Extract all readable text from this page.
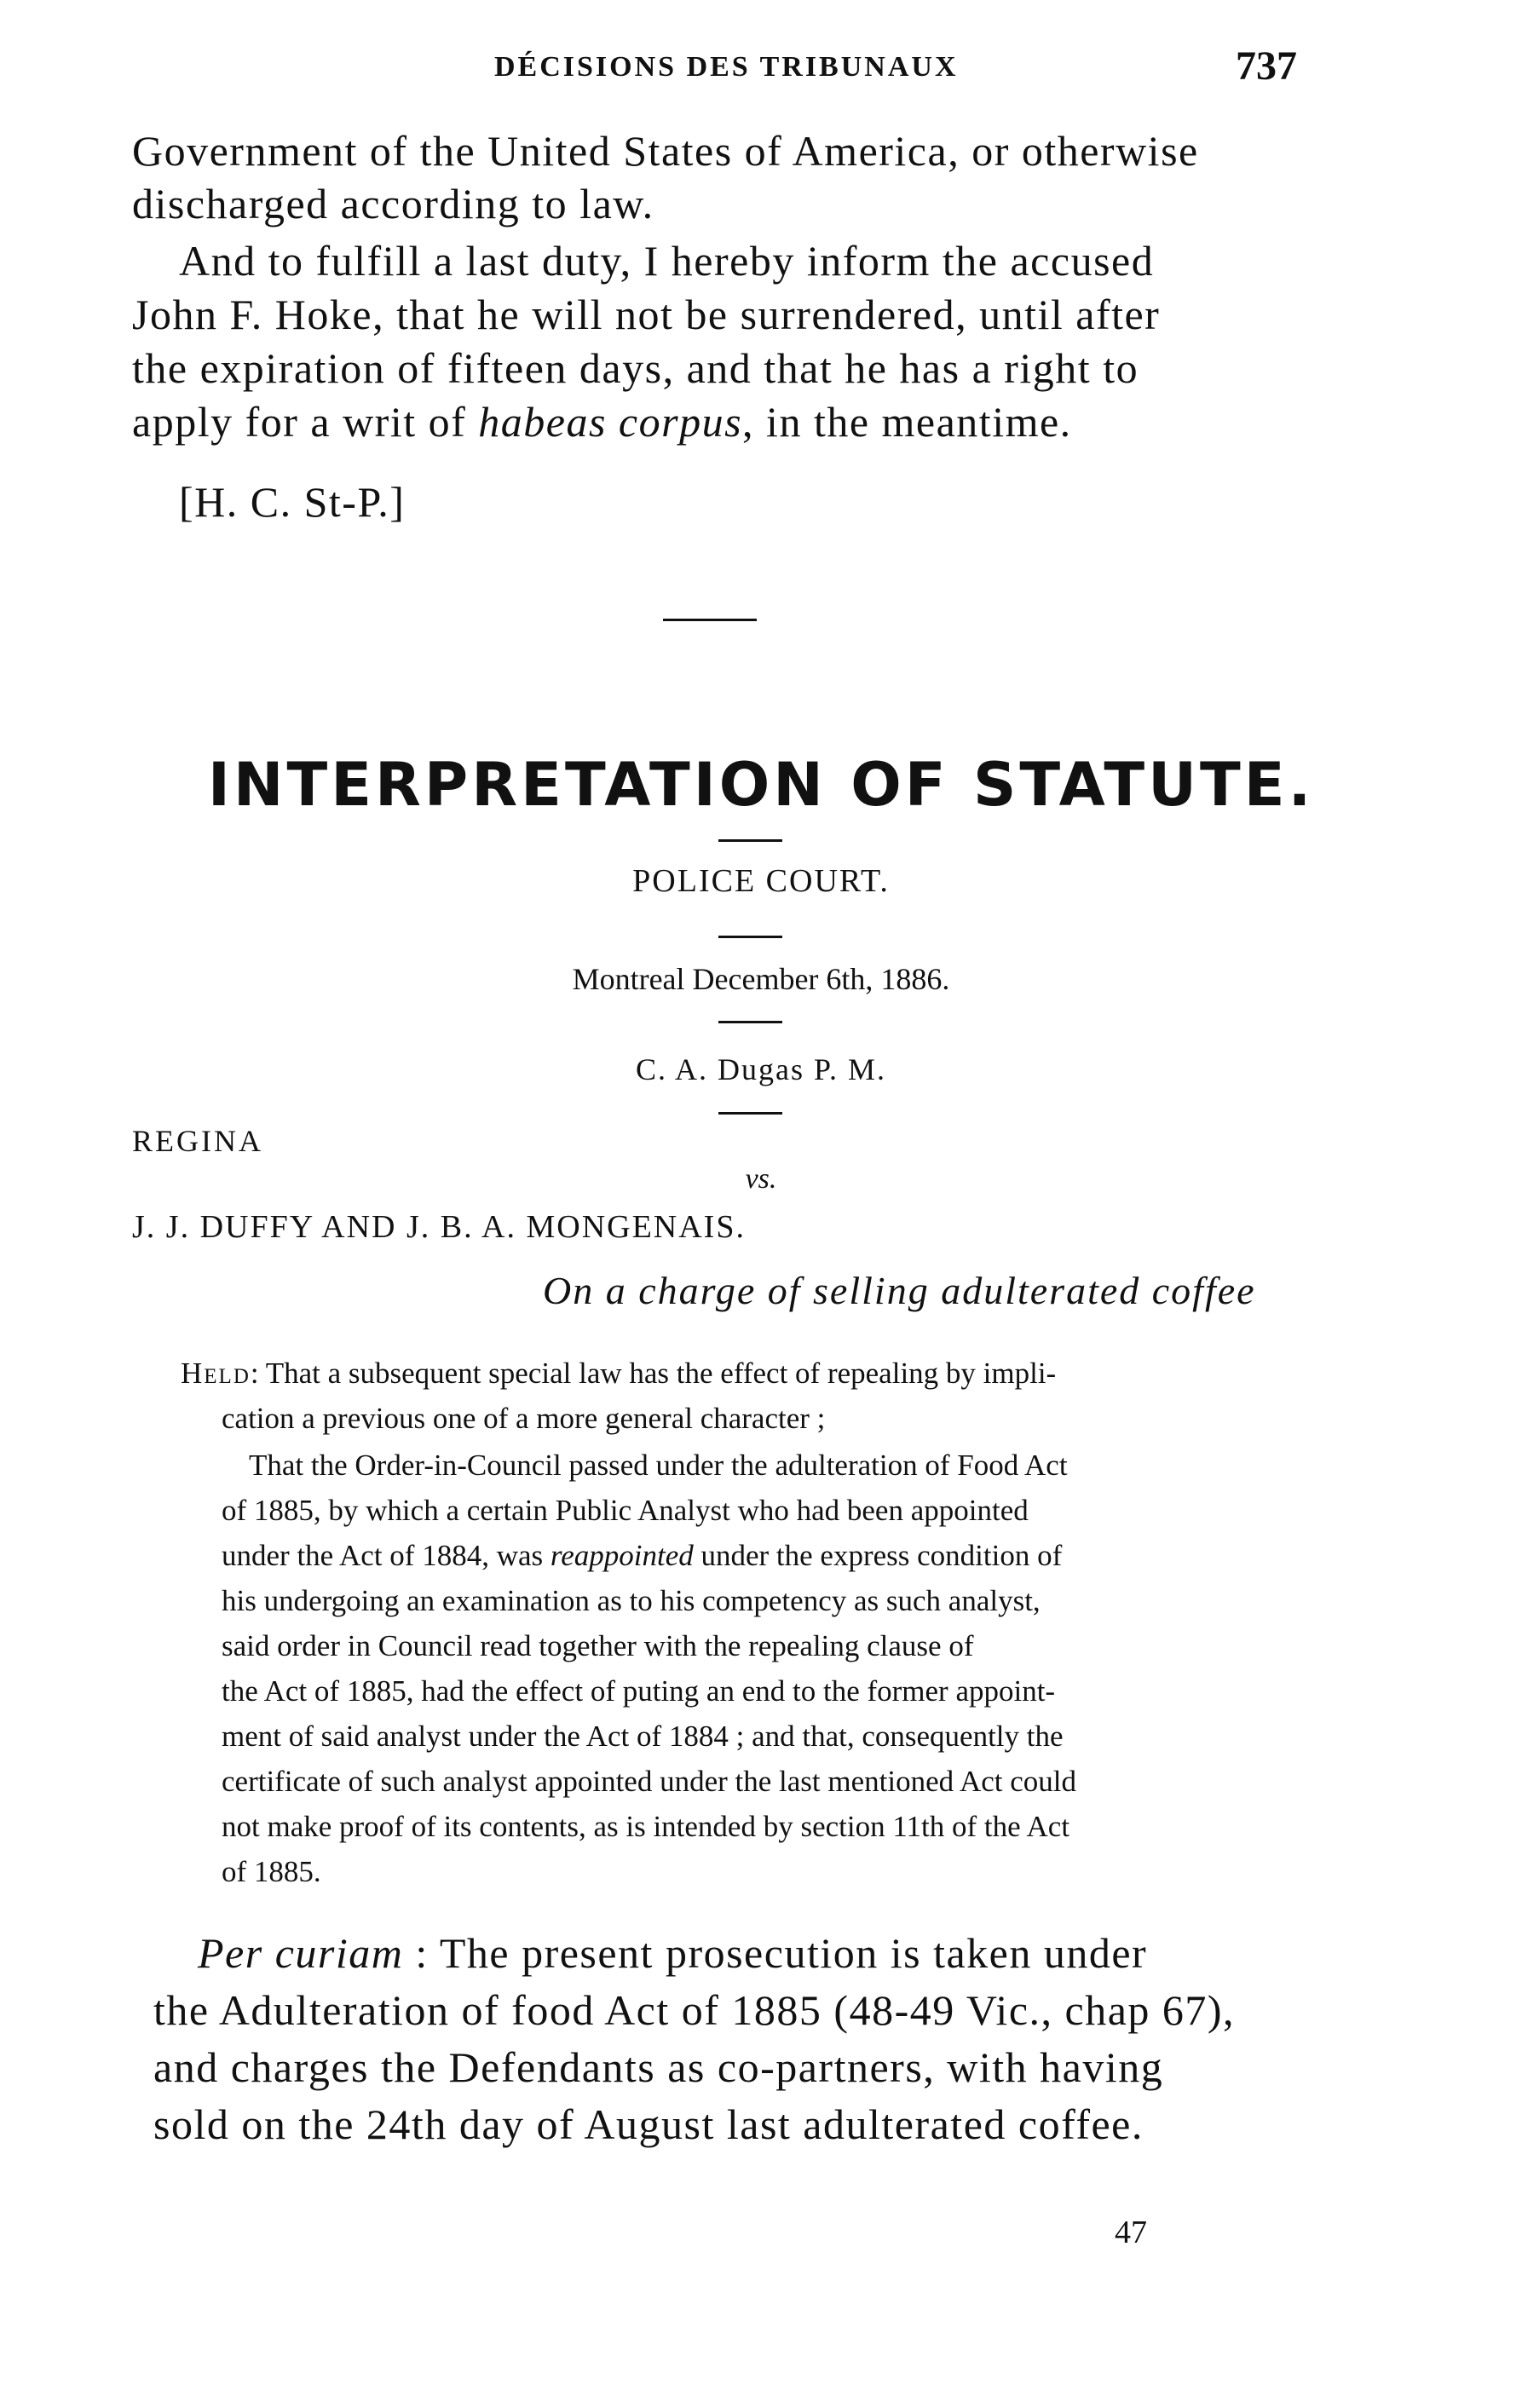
DÉCISIONS DES TRIBUNAUX	737
Government of the United States of America, or otherwise
discharged according to law.
And to fulfill a last duty, I hereby inform the accused
John F. Hoke, that he will not be surrendered, until after
the expiration of fifteen days, and that he has a right to
apply for a writ of habeas corpus, in the meantime.
[H. C. St-P.]
INTERPRETATION OF STATUTE.
POLICE COURT.
Montreal December 6th, 1886.
C. A. Dugas P. M.
REGINA
vs.
J. J. DUFFY AND J. B. A. MONGENAIS.
On a charge of selling adulterated coffee
Held: That a subsequent special law has the effect of repealing by impli-
cation a previous one of a more general character ;
That the Order-in-Council passed under the adulteration of Food Act
of 1885, by which a certain Public Analyst who had been appointed
under the Act of 1884, was reappointed under the express condition of
his undergoing an examination as to his competency as such analyst,
said order in Council read together with the repealing clause of
the Act of 1885, had the effect of puting an end to the former appoint-
ment of said analyst under the Act of 1884 ; and that, consequently the
certificate of such analyst appointed under the last mentioned Act could
not make proof of its contents, as is intended by section 11th of the Act
of 1885.
Per curiam : The present prosecution is taken under
the Adulteration of food Act of 1885 (48-49 Vic., chap 67),
and charges the Defendants as co-partners, with having
sold on the 24th day of August last adulterated coffee.
47
